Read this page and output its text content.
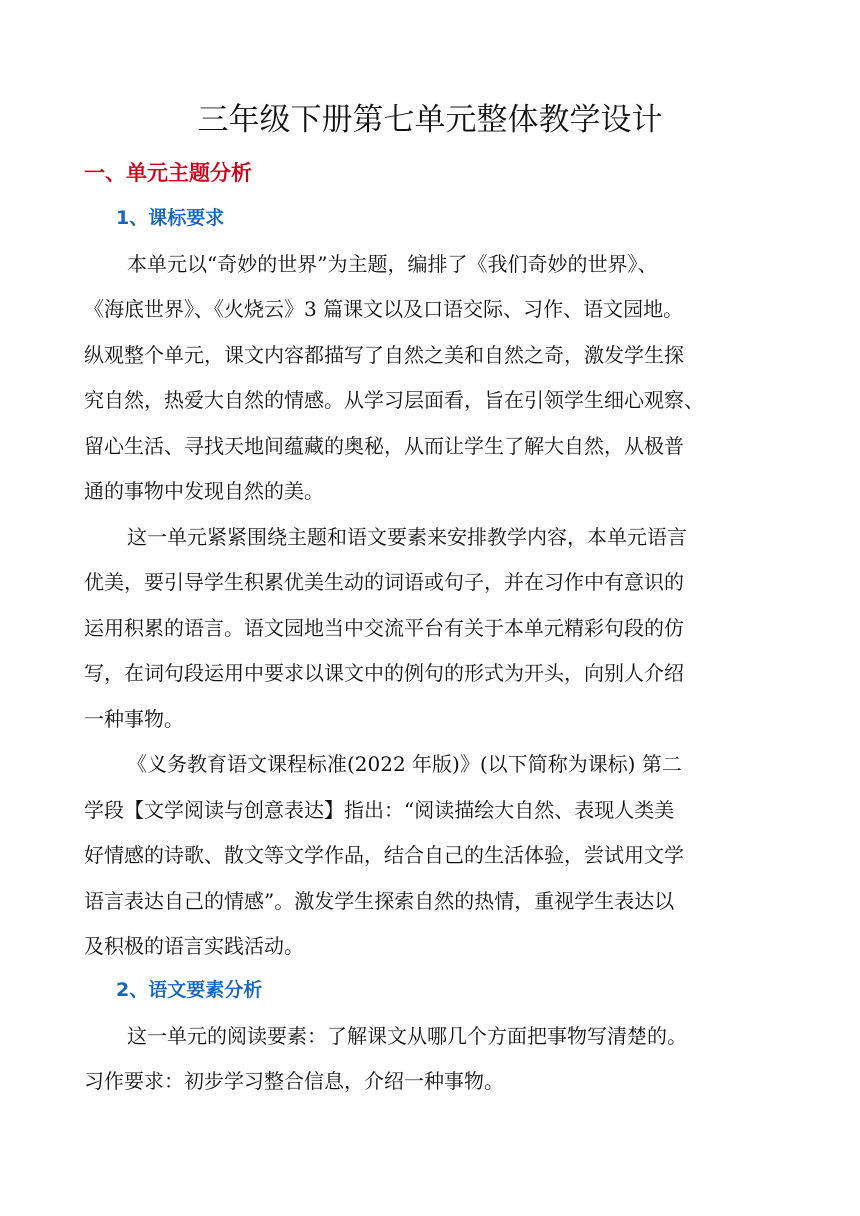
三年级下册第七单元整体教学设计
一、单元主题分析
1、课标要求
本单元以“奇妙的世界”为主题，编排了《我们奇妙的世界》、
《海底世界》、《火烧云》3 篇课文以及口语交际、习作、语文园地。
纵观整个单元，课文内容都描写了自然之美和自然之奇，激发学生探
究自然，热爱大自然的情感。从学习层面看，旨在引领学生细心观察、
留心生活、寻找天地间蕴藏的奥秘，从而让学生了解大自然，从极普
通的事物中发现自然的美。
这一单元紧紧围绕主题和语文要素来安排教学内容，本单元语言
优美，要引导学生积累优美生动的词语或句子，并在习作中有意识的
运用积累的语言。语文园地当中交流平台有关于本单元精彩句段的仿
写，在词句段运用中要求以课文中的例句的形式为开头，向别人介绍
一种事物。
《义务教育语文课程标准(2022 年版)》(以下简称为课标) 第二
学段【文学阅读与创意表达】指出：“阅读描绘大自然、表现人类美
好情感的诗歌、散文等文学作品，结合自己的生活体验，尝试用文学
语言表达自己的情感”。激发学生探索自然的热情，重视学生表达以
及积极的语言实践活动。
2、语文要素分析
这一单元的阅读要素：了解课文从哪几个方面把事物写清楚的。
习作要求：初步学习整合信息，介绍一种事物。
